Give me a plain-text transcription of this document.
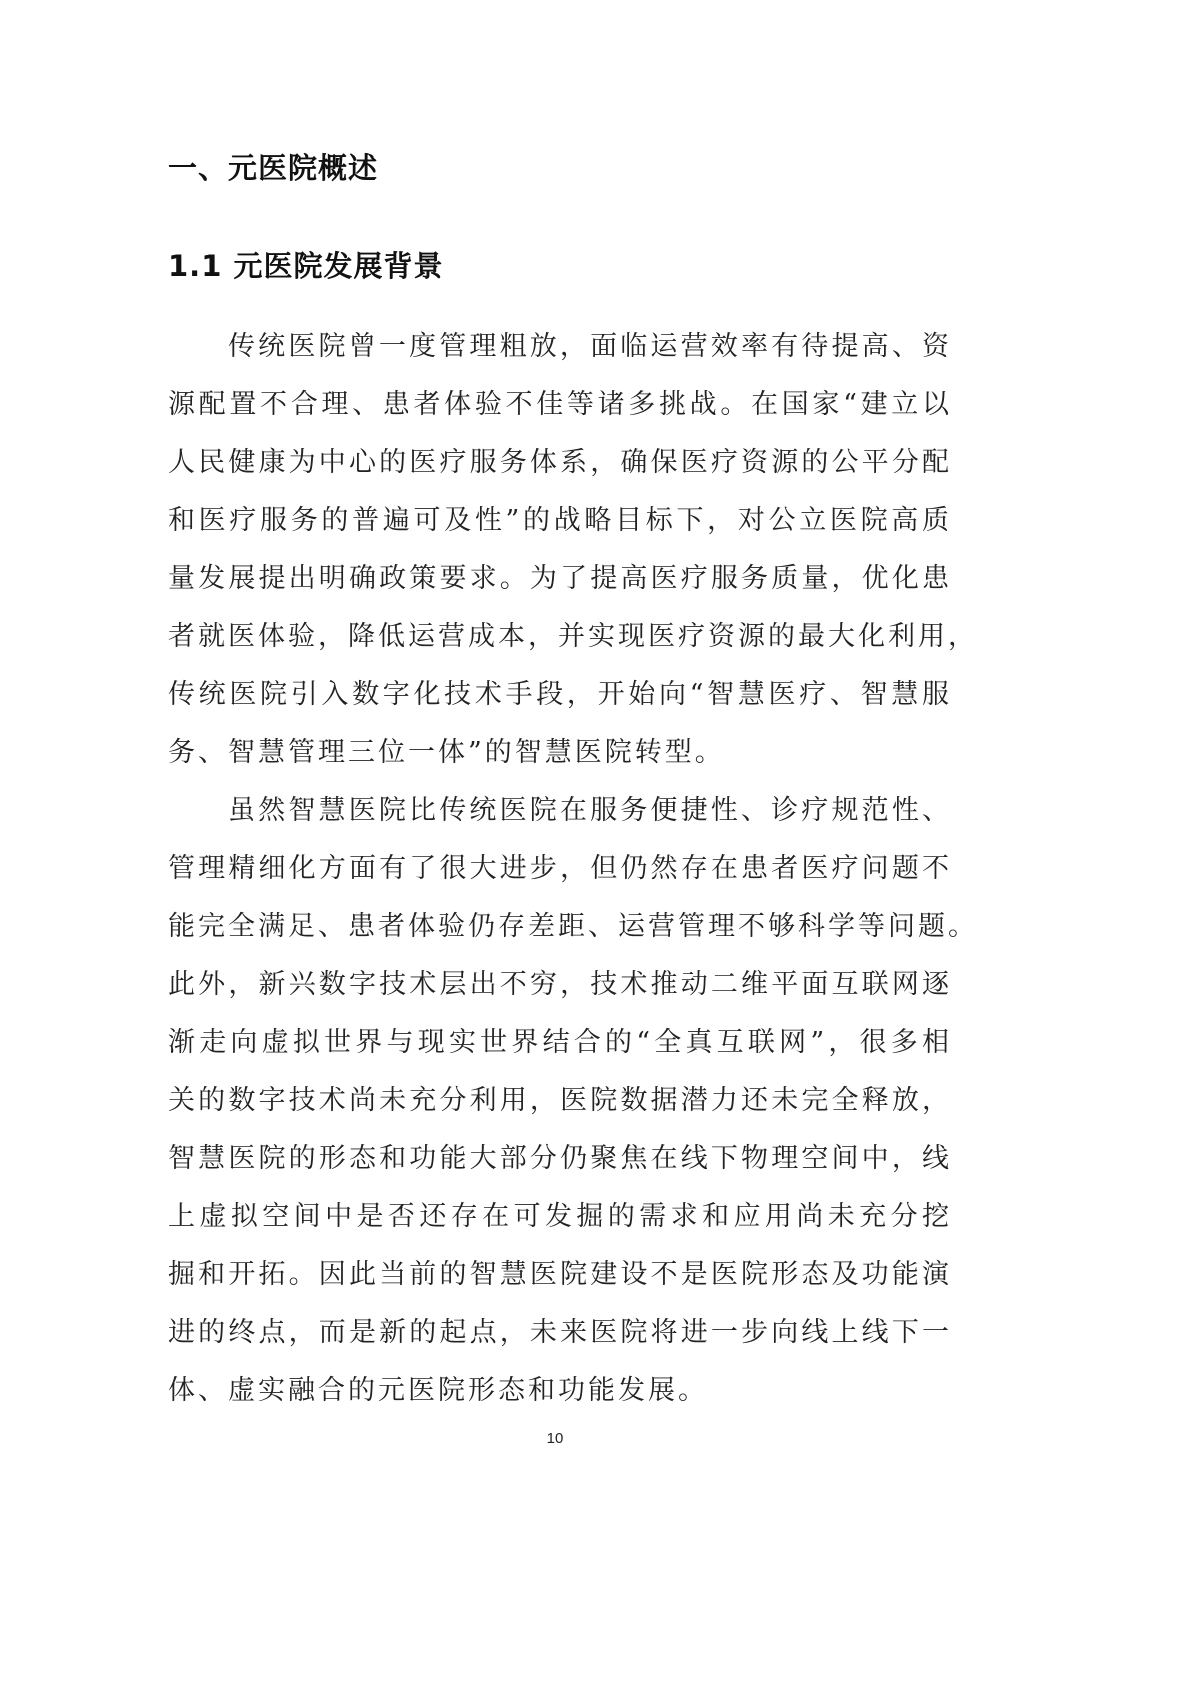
一、元医院概述
1.1 元医院发展背景
传统医院曾一度管理粗放，面临运营效率有待提高、资
源配置不合理、患者体验不佳等诸多挑战。在国家“建立以
人民健康为中心的医疗服务体系，确保医疗资源的公平分配
和医疗服务的普遍可及性”的战略目标下，对公立医院高质
量发展提出明确政策要求。为了提高医疗服务质量，优化患
者就医体验，降低运营成本，并实现医疗资源的最大化利用，
传统医院引入数字化技术手段，开始向“智慧医疗、智慧服
务、智慧管理三位一体”的智慧医院转型。
虽然智慧医院比传统医院在服务便捷性、诊疗规范性、
管理精细化方面有了很大进步，但仍然存在患者医疗问题不
能完全满足、患者体验仍存差距、运营管理不够科学等问题。
此外，新兴数字技术层出不穷，技术推动二维平面互联网逐
渐走向虚拟世界与现实世界结合的“全真互联网”，很多相
关的数字技术尚未充分利用，医院数据潜力还未完全释放，
智慧医院的形态和功能大部分仍聚焦在线下物理空间中，线
上虚拟空间中是否还存在可发掘的需求和应用尚未充分挖
掘和开拓。因此当前的智慧医院建设不是医院形态及功能演
进的终点，而是新的起点，未来医院将进一步向线上线下一
体、虚实融合的元医院形态和功能发展。
10
